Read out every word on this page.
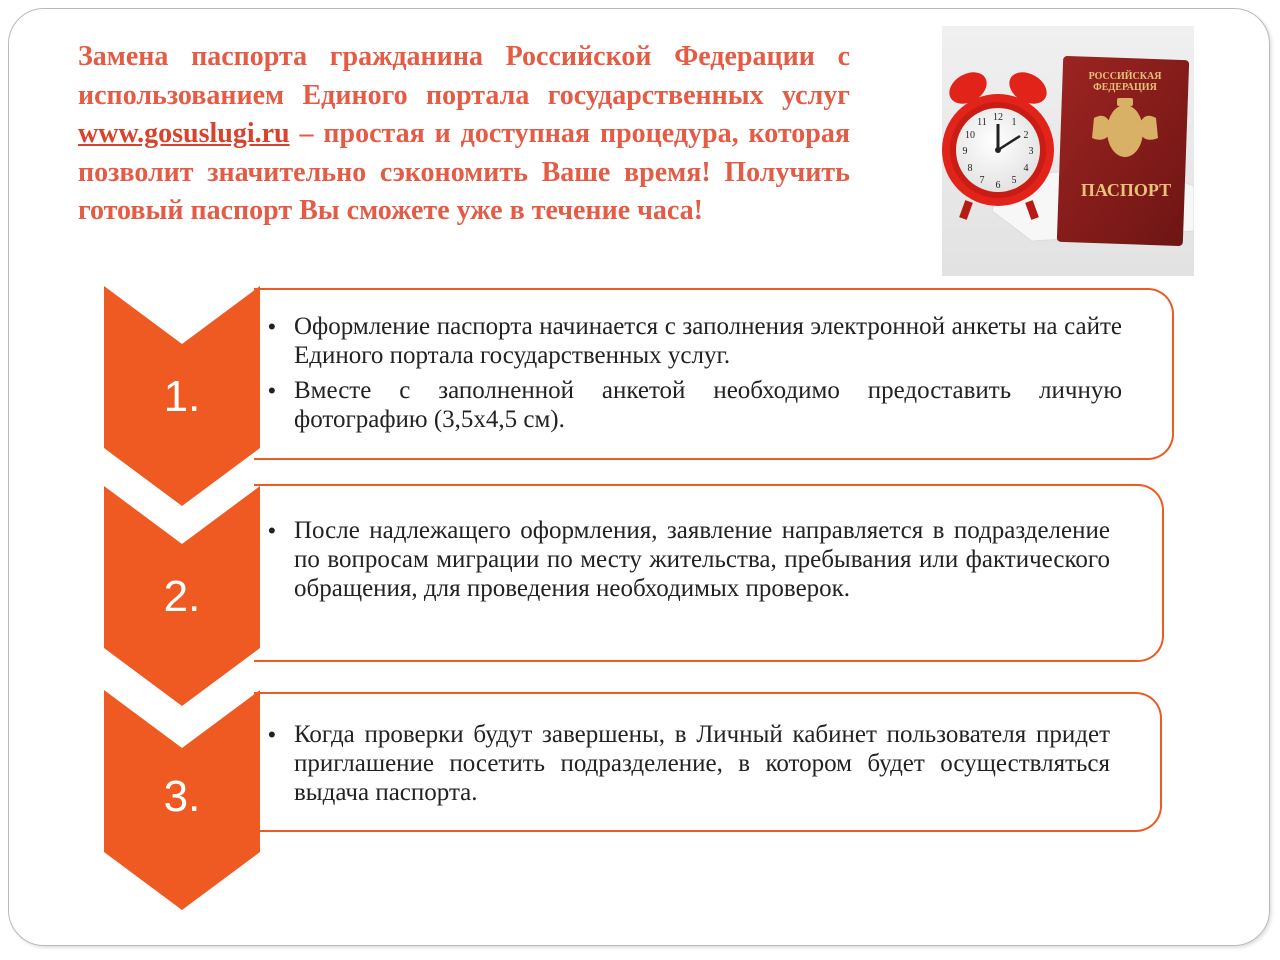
Замена паспорта гражданина Российской Федерации с использованием Единого портала государственных услуг www.gosuslugi.ru – простая и доступная процедура, которая позволит значительно сэкономить Ваше время! Получить готовый паспорт Вы сможете уже в течение часа!

РОССИЙСКАЯ
ФЕДЕРАЦИЯ
ПАСПОРТ
12 1
2
3
4
5
6
7
8
9
10
11
• Оформление паспорта начинается с заполнения электронной анкеты на сайте Единого портала государственных услуг.
• Вместе с заполненной анкетой необходимо предоставить личную фотографию (3,5х4,5 см).
1.
• После надлежащего оформления, заявление направляется в подразделение по вопросам миграции по месту жительства, пребывания или фактического обращения, для проведения необходимых проверок.
2.
• Когда проверки будут завершены, в Личный кабинет пользователя придет приглашение посетить подразделение, в котором будет осуществляться выдача паспорта.
3.
